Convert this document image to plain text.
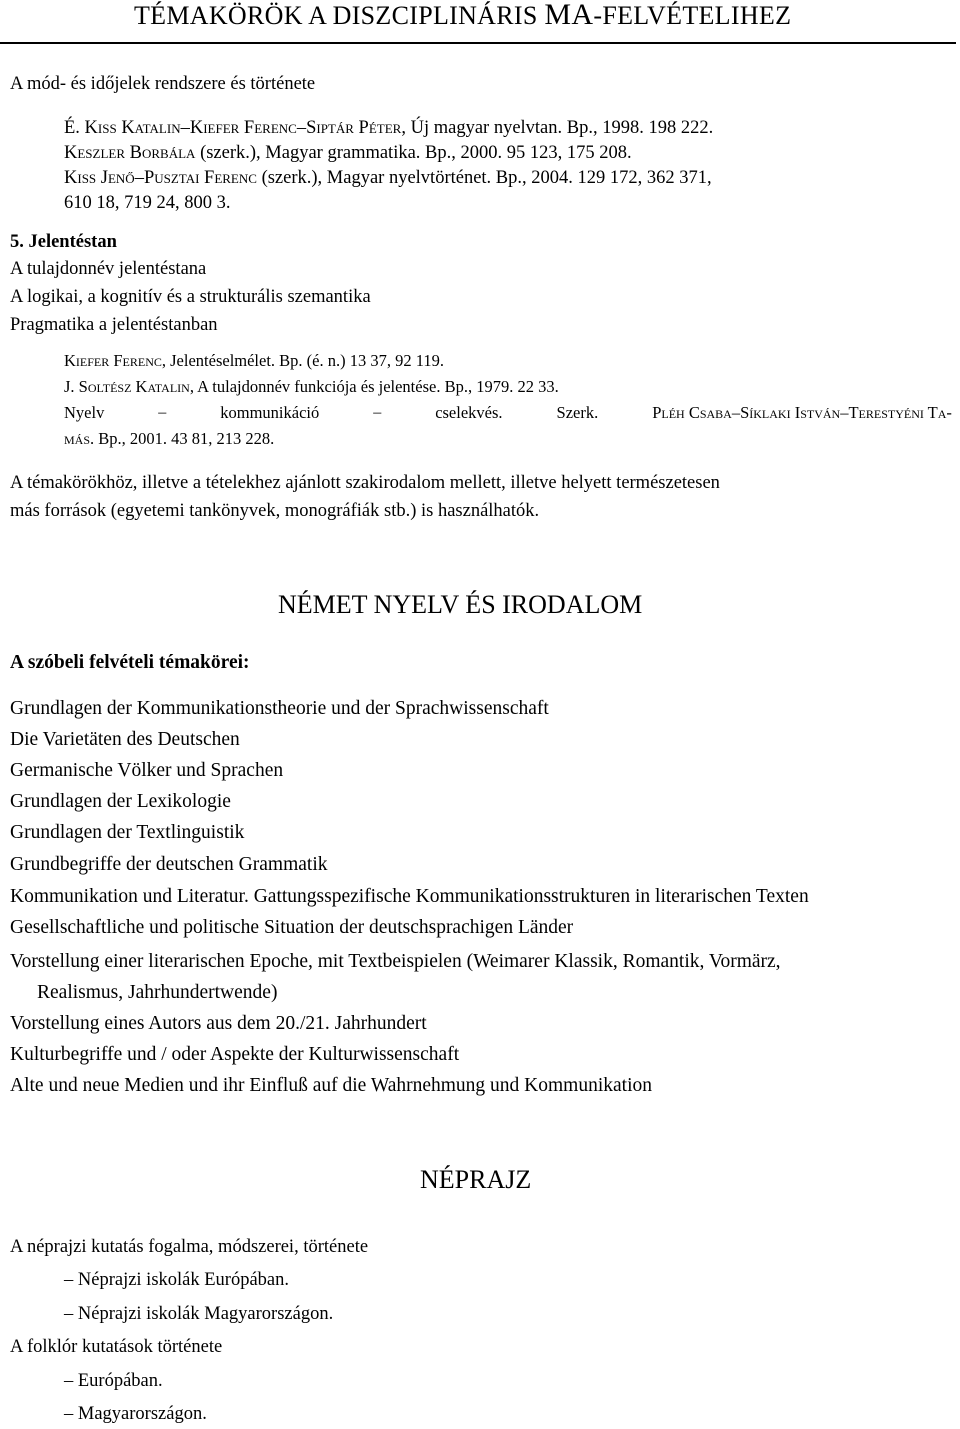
TÉMAKÖRÖK A DISZCIPLINÁRIS MA-FELVÉTELIHEZ
A mód- és időjelek rendszere és története
É. Kiss Katalin–Kiefer Ferenc–Siptár Péter, Új magyar nyelvtan. Bp., 1998. 198 222.
Keszler Borbála (szerk.), Magyar grammatika. Bp., 2000. 95 123, 175 208.
Kiss Jenő–Pusztai Ferenc (szerk.), Magyar nyelvtörténet. Bp., 2004. 129 172, 362 371,
610 18, 719 24, 800 3.
5. Jelentéstan
A tulajdonnév jelentéstana
A logikai, a kognitív és a strukturális szemantika
Pragmatika a jelentéstanban
Kiefer Ferenc, Jelentéselmélet. Bp. (é. n.) 13 37, 92 119.
J. Soltész Katalin, A tulajdonnév funkciója és jelentése. Bp., 1979. 22 33.
Nyelv	–	kommunikáció	–	cselekvés.	Szerk.	Pléh Csaba–Síklaki István–Terestyéni Ta-
más. Bp., 2001. 43 81, 213 228.
A témakörökhöz, illetve a tételekhez ajánlott szakirodalom mellett, illetve helyett természetesen
más források (egyetemi tankönyvek, monográfiák stb.) is használhatók.
NÉMET NYELV ÉS IRODALOM
A szóbeli felvételi témakörei:
Grundlagen der Kommunikationstheorie und der Sprachwissenschaft
Die Varietäten des Deutschen
Germanische Völker und Sprachen
Grundlagen der Lexikologie
Grundlagen der Textlinguistik
Grundbegriffe der deutschen Grammatik
Kommunikation und Literatur. Gattungsspezifische Kommunikationsstrukturen in literarischen Texten
Gesellschaftliche und politische Situation der deutschsprachigen Länder
Vorstellung einer literarischen Epoche, mit Textbeispielen (Weimarer Klassik, Romantik, Vormärz,
Realismus, Jahrhundertwende)
Vorstellung eines Autors aus dem 20./21. Jahrhundert
Kulturbegriffe und / oder Aspekte der Kulturwissenschaft
Alte und neue Medien und ihr Einfluß auf die Wahrnehmung und Kommunikation
NÉPRAJZ
A néprajzi kutatás fogalma, módszerei, története
– Néprajzi iskolák Európában.
– Néprajzi iskolák Magyarországon.
A folklór kutatások története
– Európában.
– Magyarországon.
